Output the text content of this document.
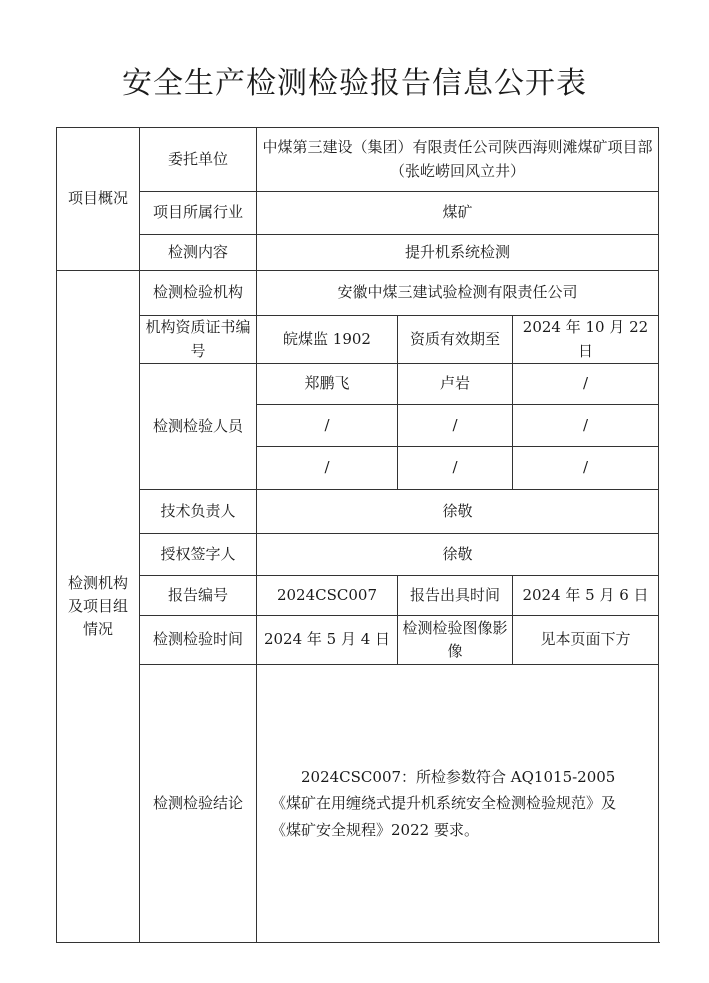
安全生产检测检验报告信息公开表
项目概况	委托单位	中煤第三建设（集团）有限责任公司陕西海则滩煤矿项目部（张屹崂回风立井）		
	项目所属行业	煤矿		
	检测内容	提升机系统检测		
检测机构及项目组情况	检测检验机构	安徽中煤三建试验检测有限责任公司		
	机构资质证书编号	皖煤监 1902	资质有效期至	2024 年 10 月 22 日
	检测检验人员	郑鹏飞	卢岩	/
		/	/	/
		/	/	/
	技术负责人	徐敬		
	授权签字人	徐敬		
	报告编号	2024CSC007	报告出具时间	2024 年 5 月 6 日
	检测检验时间	2024 年 5 月 4 日	检测检验图像影像	见本页面下方
	检测检验结论	2024CSC007：所检参数符合 AQ1015-2005《煤矿在用缠绕式提升机系统安全检测检验规范》及《煤矿安全规程》2022 要求。		
